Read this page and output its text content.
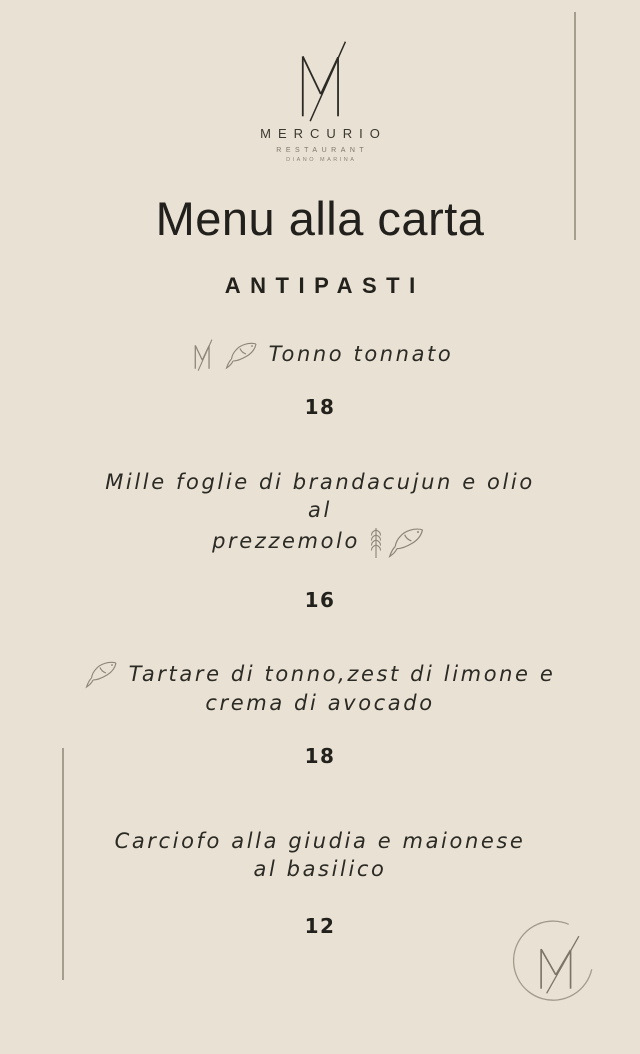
MERCURIO
RESTAURANT
DIANO MARINA
Menu alla carta
ANTIPASTI
Tonno tonnato
18
Mille foglie di brandacujun e olio
al
prezzemolo
16
Tartare di tonno,zest di limone e
crema di avocado
18
Carciofo alla giudia e maionese
al basilico
12
